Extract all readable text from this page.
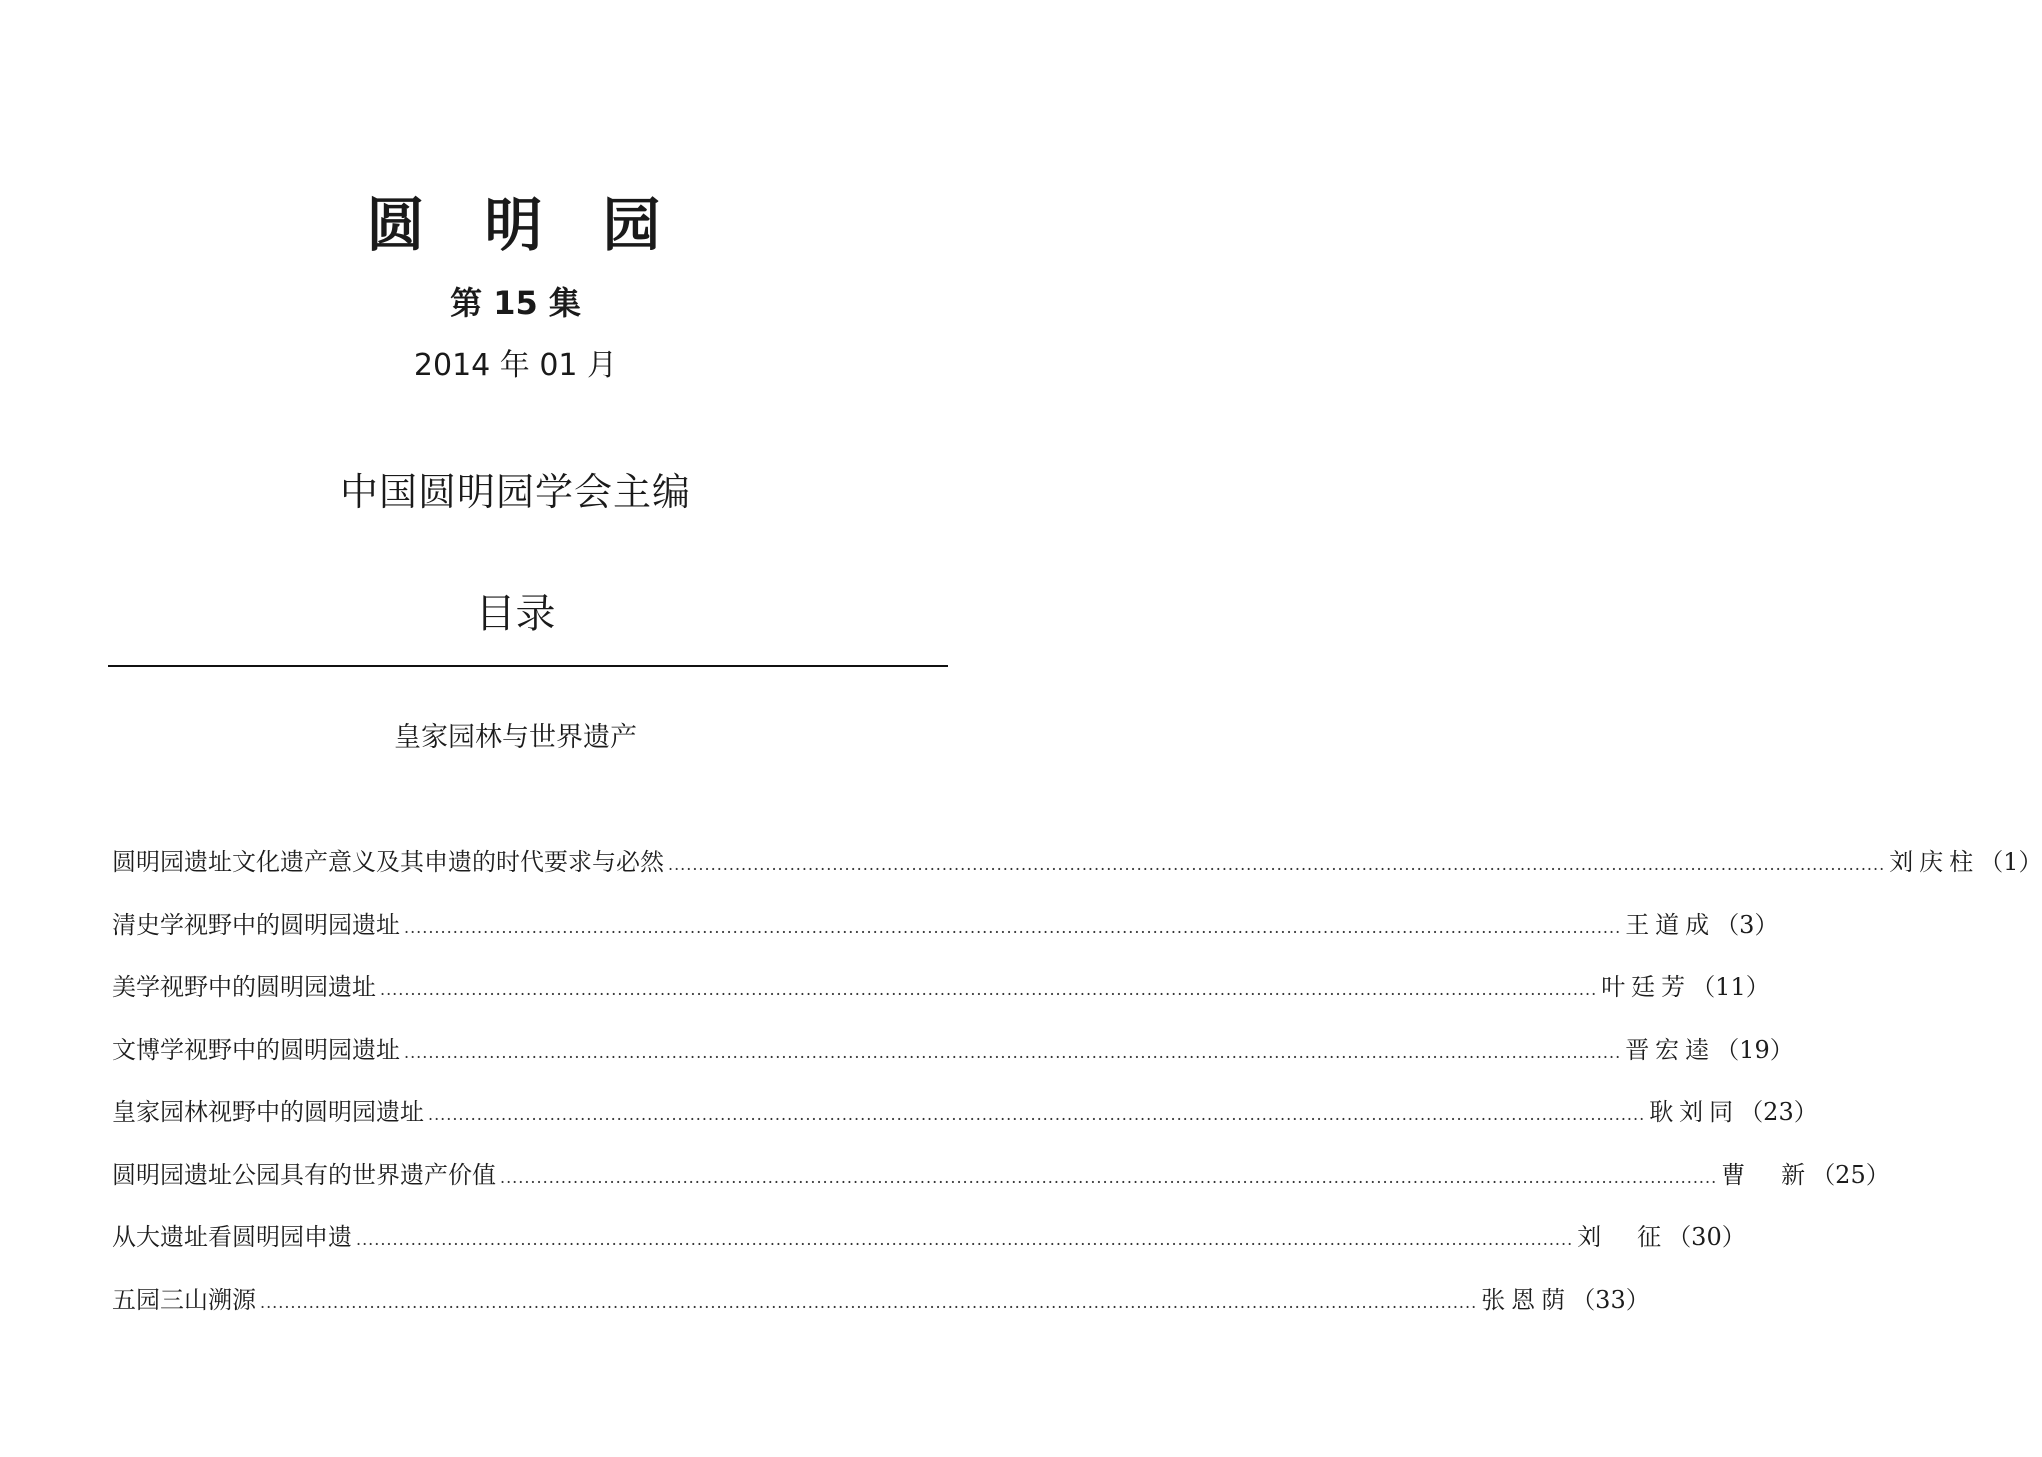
圆明园
第 15 集
2014 年 01 月
中国圆明园学会主编
目录
皇家园林与世界遗产
圆明园遗址文化遗产意义及其申遗的时代要求与必然 ........................................................................................................................................................................................................ 刘庆柱 （1）
清史学视野中的圆明园遗址 ........................................................................................................................................................................................................ 王道成 （3）
美学视野中的圆明园遗址 ........................................................................................................................................................................................................ 叶廷芳 （11）
文博学视野中的圆明园遗址 ........................................................................................................................................................................................................ 晋宏逵 （19）
皇家园林视野中的圆明园遗址 ........................................................................................................................................................................................................ 耿刘同 （23）
圆明园遗址公园具有的世界遗产价值 ........................................................................................................................................................................................................ 曹新 （25）
从大遗址看圆明园申遗 ........................................................................................................................................................................................................ 刘征 （30）
五园三山溯源 ........................................................................................................................................................................................................ 张恩荫 （33）
